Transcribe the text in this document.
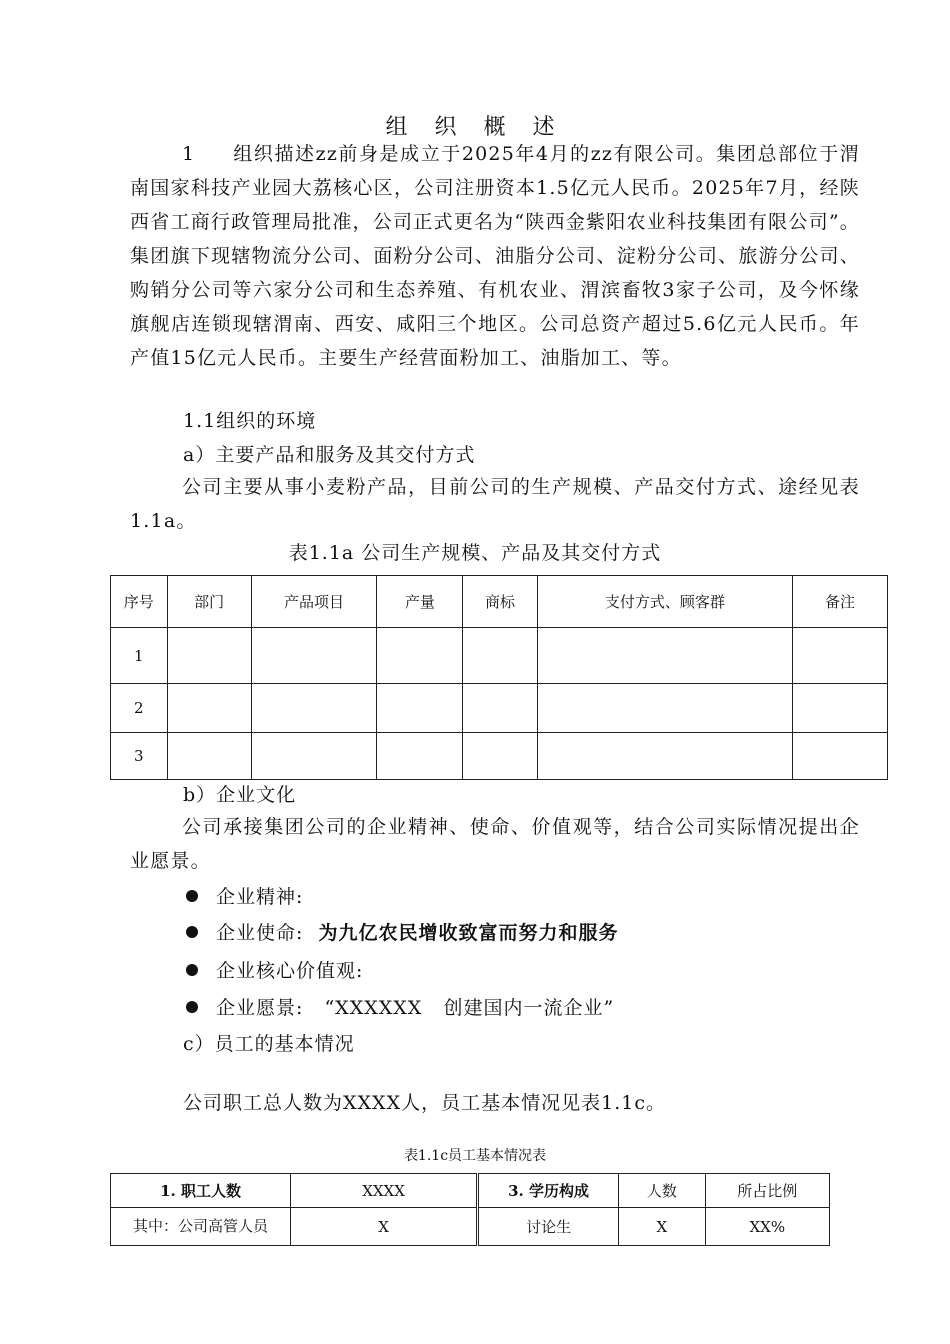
组 织 概 述
1     组织描述zz前身是成立于2025年4月的zz有限公司。集团总部位于渭南国家科技产业园大荔核心区，公司注册资本1.5亿元人民币。2025年7月，经陕西省工商行政管理局批准，公司正式更名为“陕西金紫阳农业科技集团有限公司”。集团旗下现辖物流分公司、面粉分公司、油脂分公司、淀粉分公司、旅游分公司、购销分公司等六家分公司和生态养殖、有机农业、渭滨畜牧3家子公司，及今怀缘旗舰店连锁现辖渭南、西安、咸阳三个地区。公司总资产超过5.6亿元人民币。年产值15亿元人民币。主要生产经营面粉加工、油脂加工、等。
1.1组织的环境
a）主要产品和服务及其交付方式
公司主要从事小麦粉产品，目前公司的生产规模、产品交付方式、途经见表1.1a。
表1.1a 公司生产规模、产品及其交付方式
序号	部门	产品项目	产量	商标	支付方式、顾客群	备注
1						
2						
3						
b）企业文化
公司承接集团公司的企业精神、使命、价值观等，结合公司实际情况提出企业愿景。
企业精神:
企业使命: 为九亿农民增收致富而努力和服务
企业核心价值观:
企业愿景: “XXXXXX   创建国内一流企业”
c）员工的基本情况
公司职工总人数为XXXX人，员工基本情况见表1.1c。
表1.1c员工基本情况表
1. 职工人数	XXXX	3. 学历构成	人数	所占比例
其中：公司高管人员	X	讨论生	X	XX%
